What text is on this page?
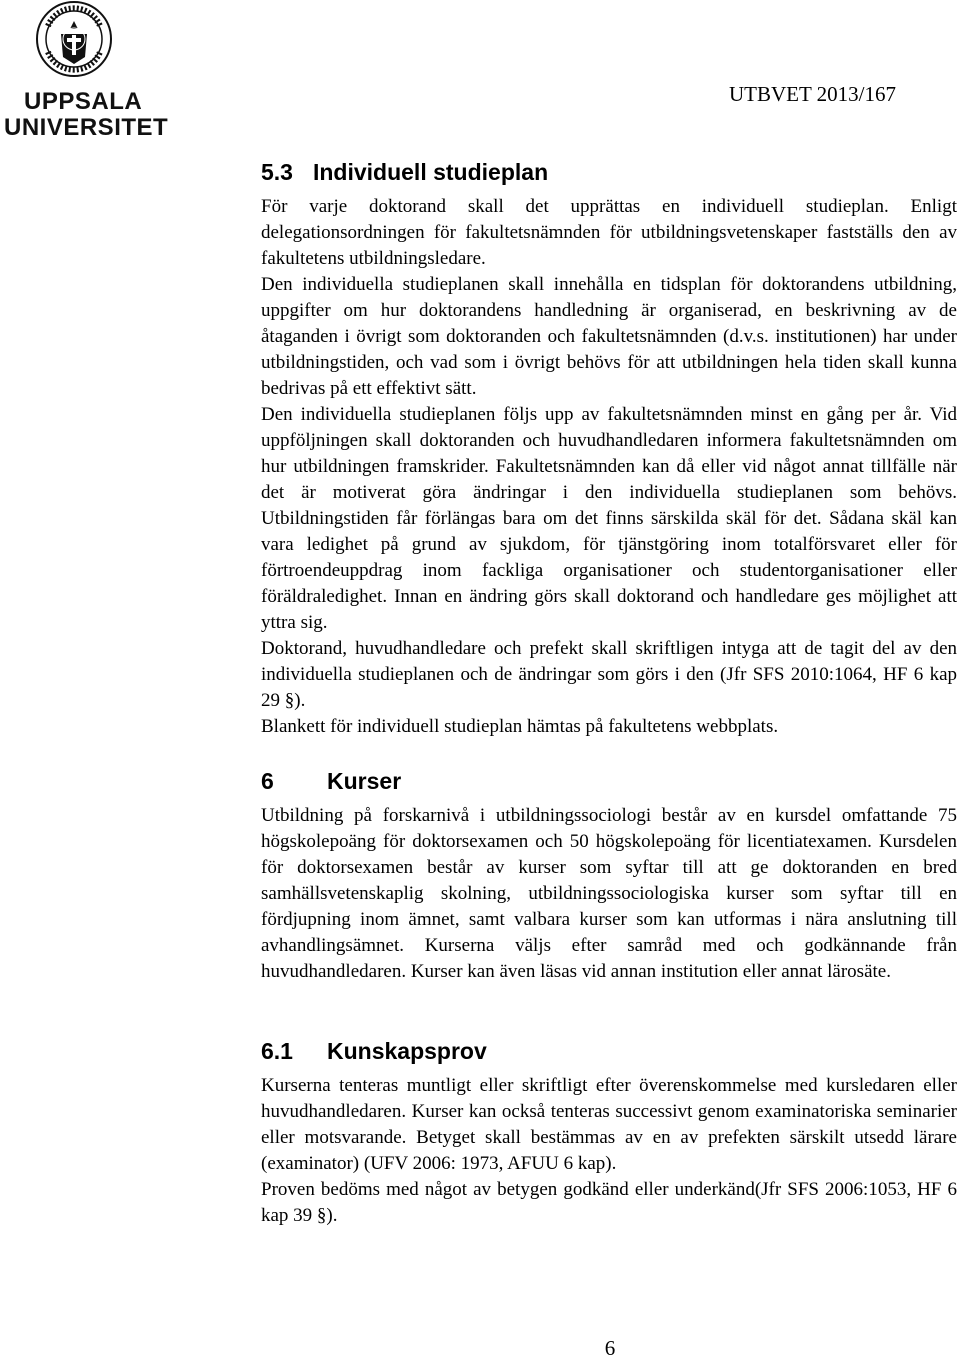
UPPSALA
UNIVERSITET
UTBVET 2013/167
5.3 Individuell studieplan

För varje doktorand skall det upprättas en individuell studieplan. Enligt delegationsordningen för fakultetsnämnden för utbildningsvetenskaper fastställs den av fakultetens utbildningsledare.

Den individuella studieplanen skall innehålla en tidsplan för doktorandens utbildning, uppgifter om hur doktorandens handledning är organiserad, en beskrivning av de åtaganden i övrigt som doktoranden och fakultetsnämnden (d.v.s. institutionen) har under utbildningstiden, och vad som i övrigt behövs för att utbildningen hela tiden skall kunna bedrivas på ett effektivt sätt.

Den individuella studieplanen följs upp av fakultetsnämnden minst en gång per år. Vid uppföljningen skall doktoranden och huvudhandledaren informera fakultetsnämnden om hur utbildningen framskrider. Fakultetsnämnden kan då eller vid något annat tillfälle när det är motiverat göra ändringar i den individuella studieplanen som behövs. Utbildningstiden får förlängas bara om det finns särskilda skäl för det. Sådana skäl kan vara ledighet på grund av sjukdom, för tjänstgöring inom totalförsvaret eller för förtroendeuppdrag inom fackliga organisationer och studentorganisationer eller föräldraledighet. Innan en ändring görs skall doktorand och handledare ges möjlighet att yttra sig.

Doktorand, huvudhandledare och prefekt skall skriftligen intyga att de tagit del av den individuella studieplanen och de ändringar som görs i den (Jfr SFS 2010:1064, HF 6 kap 29 §).

Blankett för individuell studieplan hämtas på fakultetens webbplats.

6 Kurser

Utbildning på forskarnivå i utbildningssociologi består av en kursdel omfattande 75 högskolepoäng för doktorsexamen och 50 högskolepoäng för licentiatexamen. Kursdelen för doktorsexamen består av kurser som syftar till att ge doktoranden en bred samhällsvetenskaplig skolning, utbildningssociologiska kurser som syftar till en fördjupning inom ämnet, samt valbara kurser som kan utformas i nära anslutning till avhandlingsämnet. Kurserna väljs efter samråd med och godkännande från huvudhandledaren. Kurser kan även läsas vid annan institution eller annat lärosäte.

6.1 Kunskapsprov

Kurserna tenteras muntligt eller skriftligt efter överenskommelse med kursledaren eller huvudhandledaren. Kurser kan också tenteras successivt genom examinatoriska seminarier eller motsvarande. Betyget skall bestämmas av en av prefekten särskilt utsedd lärare (examinator) (UFV 2006: 1973, AFUU 6 kap).

Proven bedöms med något av betygen godkänd eller underkänd(Jfr SFS 2006:1053, HF 6 kap 39 §).

6
